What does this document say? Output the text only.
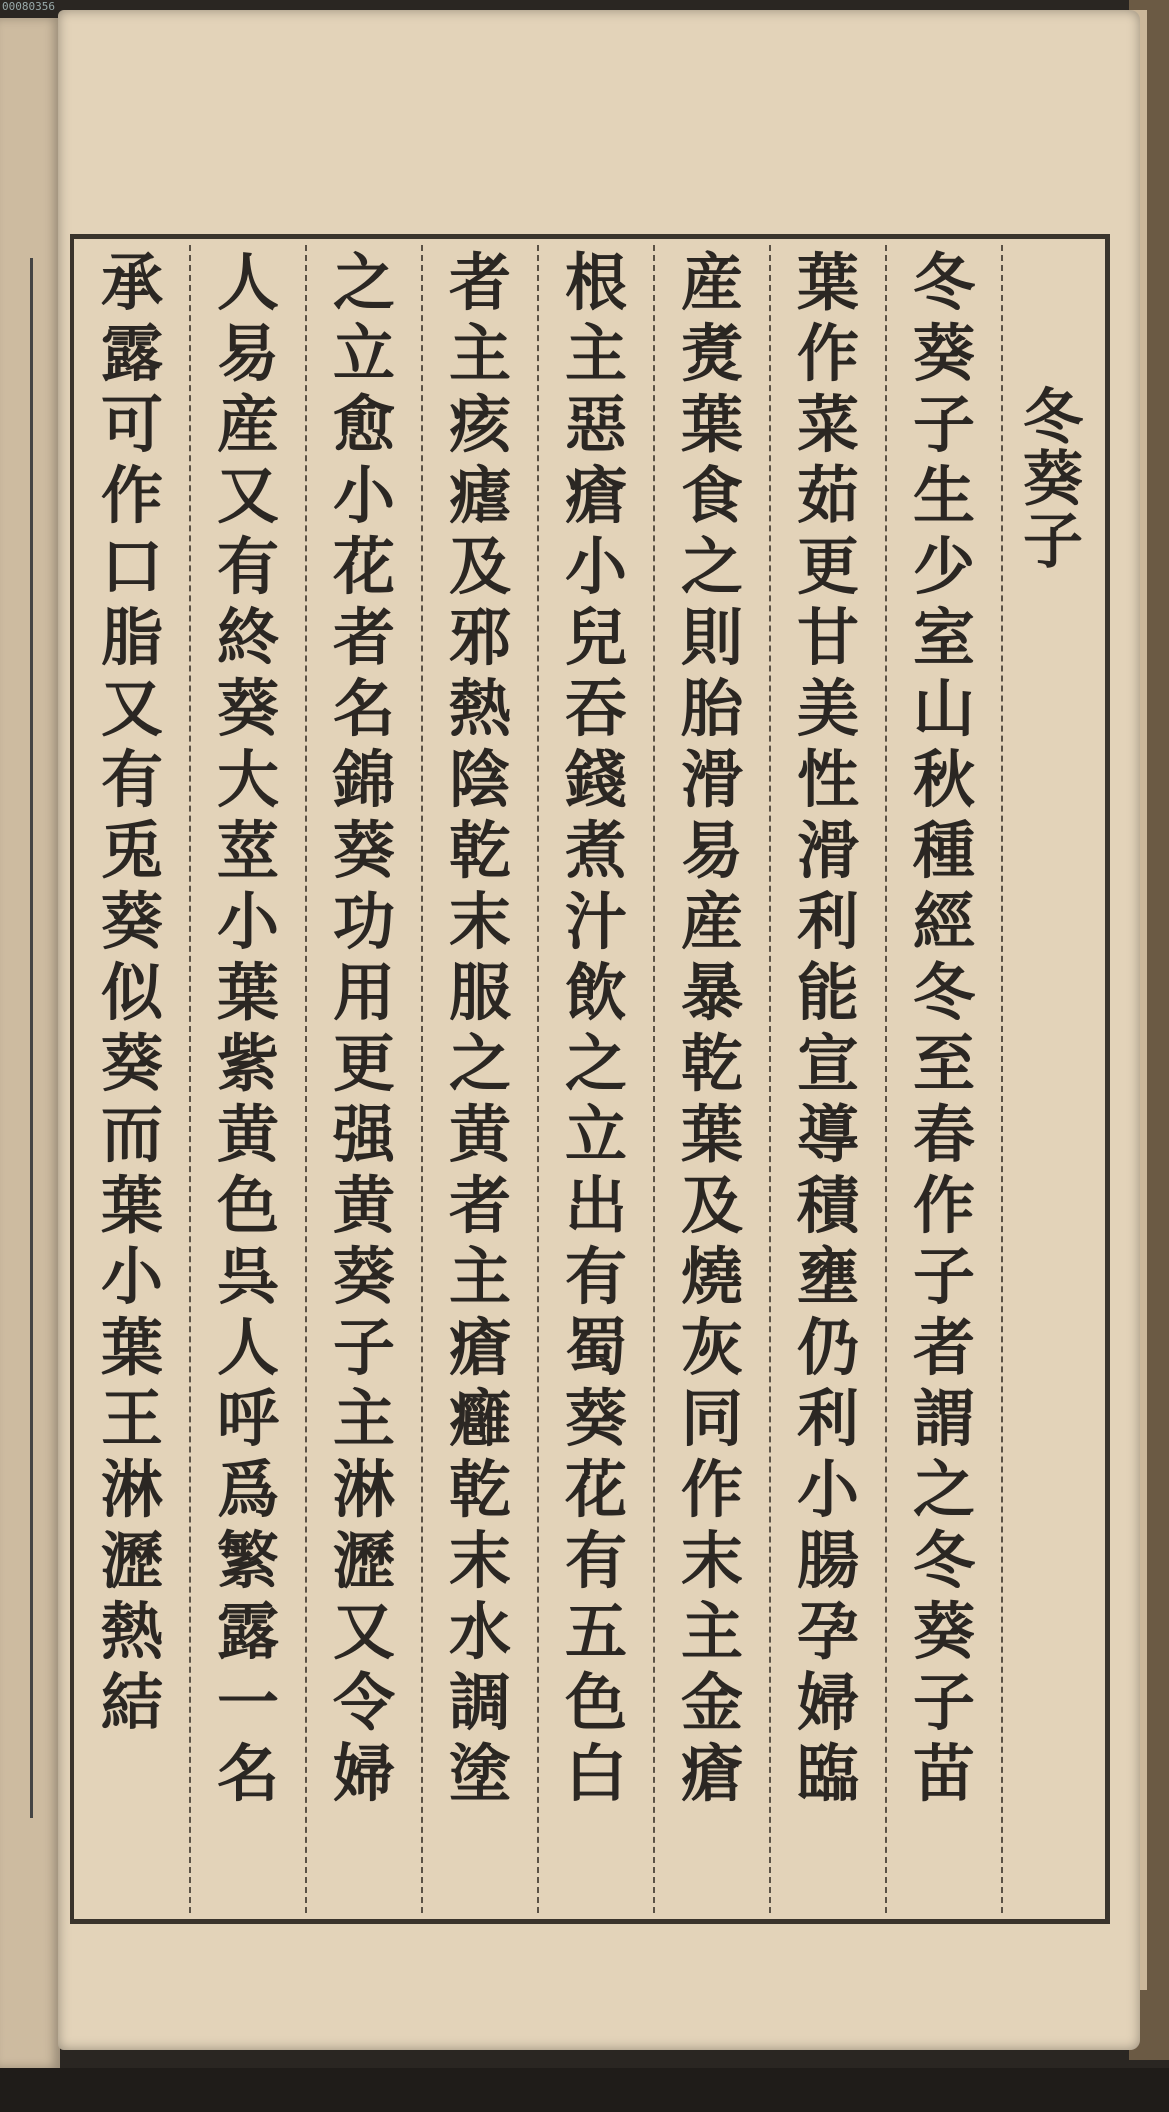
00080356
冬
葵
子
冬
葵
子
生
少
室
山
秋
種
經
冬
至
春
作
子
者
謂
之
冬
葵
子
苗
葉
作
菜
茹
更
甘
美
性
滑
利
能
宣
導
積
壅
仍
利
小
腸
孕
婦
臨
産
煑
葉
食
之
則
胎
滑
易
産
暴
乾
葉
及
燒
灰
同
作
末
主
金
瘡
根
主
惡
瘡
小
兒
吞
錢
煮
汁
飲
之
立
出
有
蜀
葵
花
有
五
色
白
者
主
痎
瘧
及
邪
熱
陰
乾
末
服
之
黄
者
主
瘡
癰
乾
末
水
調
塗
之
立
愈
小
花
者
名
錦
葵
功
用
更
强
黄
葵
子
主
淋
瀝
又
令
婦
人
易
産
又
有
終
葵
大
莖
小
葉
紫
黄
色
呉
人
呼
爲
繁
露
一
名
承
露
可
作
口
脂
又
有
兎
葵
似
葵
而
葉
小
葉
王
淋
瀝
熱
結
